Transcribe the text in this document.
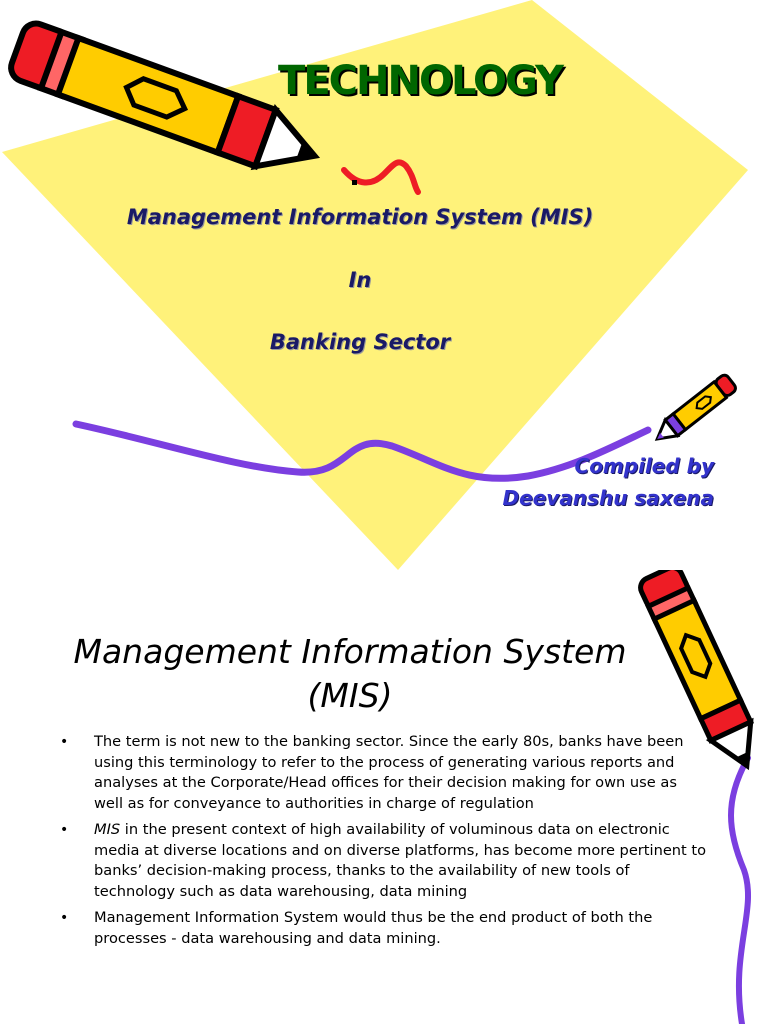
TECHNOLOGY
Management Information System (MIS)
In
Banking Sector
Compiled by
Deevanshu saxena
Management Information System (MIS)
•	The term is not new to the banking sector. Since the early 80s, banks have been using this terminology to refer to the process of generating various reports and analyses at the Corporate/Head offices for their decision making for own use as well as for conveyance to authorities in charge of regulation
•	MIS in the present context of high availability of voluminous data on electronic media at diverse locations and on diverse platforms, has become more pertinent to banks’ decision-making process, thanks to the availability of new tools of technology such as data warehousing, data mining
•	Management Information System would thus be the end product of both the processes - data warehousing and data mining.
